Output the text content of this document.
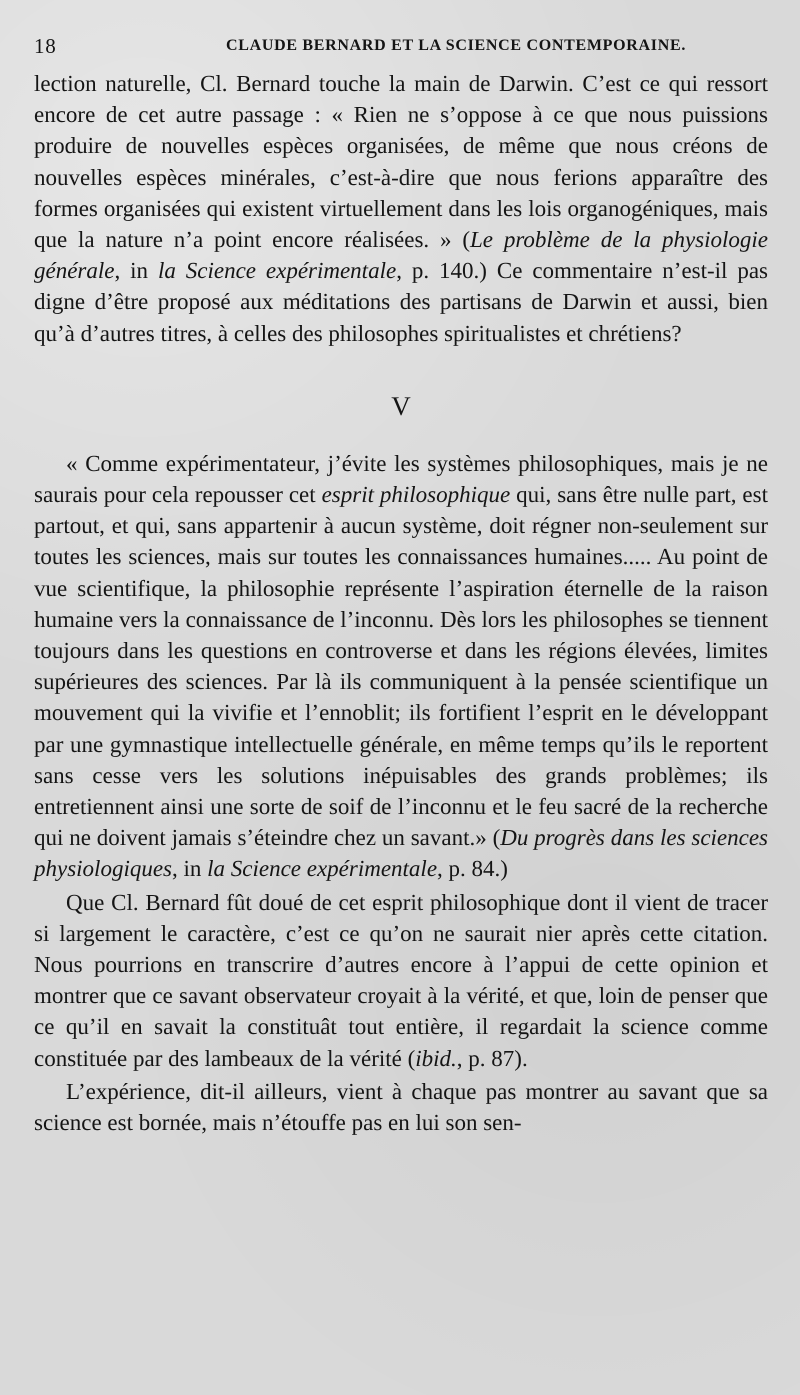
18	CLAUDE BERNARD ET LA SCIENCE CONTEMPORAINE.

lection naturelle, Cl. Bernard touche la main de Darwin. C’est ce qui ressort encore de cet autre passage : « Rien ne s’oppose à ce que nous puissions produire de nouvelles espèces organisées, de même que nous créons de nouvelles espèces minérales, c’est-à-dire que nous ferions apparaître des formes organisées qui existent virtuellement dans les lois organogéniques, mais que la nature n’a point encore réalisées. » (Le problème de la physiologie générale, in la Science expérimentale, p. 140.) Ce commentaire n’est-il pas digne d’être proposé aux méditations des partisans de Darwin et aussi, bien qu’à d’autres titres, à celles des philosophes spiritualistes et chrétiens?

V

« Comme expérimentateur, j’évite les systèmes philosophiques, mais je ne saurais pour cela repousser cet esprit philosophique qui, sans être nulle part, est partout, et qui, sans appartenir à aucun système, doit régner non-seulement sur toutes les sciences, mais sur toutes les connaissances humaines..... Au point de vue scientifique, la philosophie représente l’aspiration éternelle de la raison humaine vers la connaissance de l’inconnu. Dès lors les philosophes se tiennent toujours dans les questions en controverse et dans les régions élevées, limites supérieures des sciences. Par là ils communiquent à la pensée scientifique un mouvement qui la vivifie et l’ennoblit; ils fortifient l’esprit en le développant par une gymnastique intellectuelle générale, en même temps qu’ils le reportent sans cesse vers les solutions inépuisables des grands problèmes; ils entretiennent ainsi une sorte de soif de l’inconnu et le feu sacré de la recherche qui ne doivent jamais s’éteindre chez un savant.» (Du progrès dans les sciences physiologiques, in la Science expérimentale, p. 84.)

Que Cl. Bernard fût doué de cet esprit philosophique dont il vient de tracer si largement le caractère, c’est ce qu’on ne saurait nier après cette citation. Nous pourrions en transcrire d’autres encore à l’appui de cette opinion et montrer que ce savant observateur croyait à la vérité, et que, loin de penser que ce qu’il en savait la constituât tout entière, il regardait la science comme constituée par des lambeaux de la vérité (ibid., p. 87).

L’expérience, dit-il ailleurs, vient à chaque pas montrer au savant que sa science est bornée, mais n’étouffe pas en lui son sen-
